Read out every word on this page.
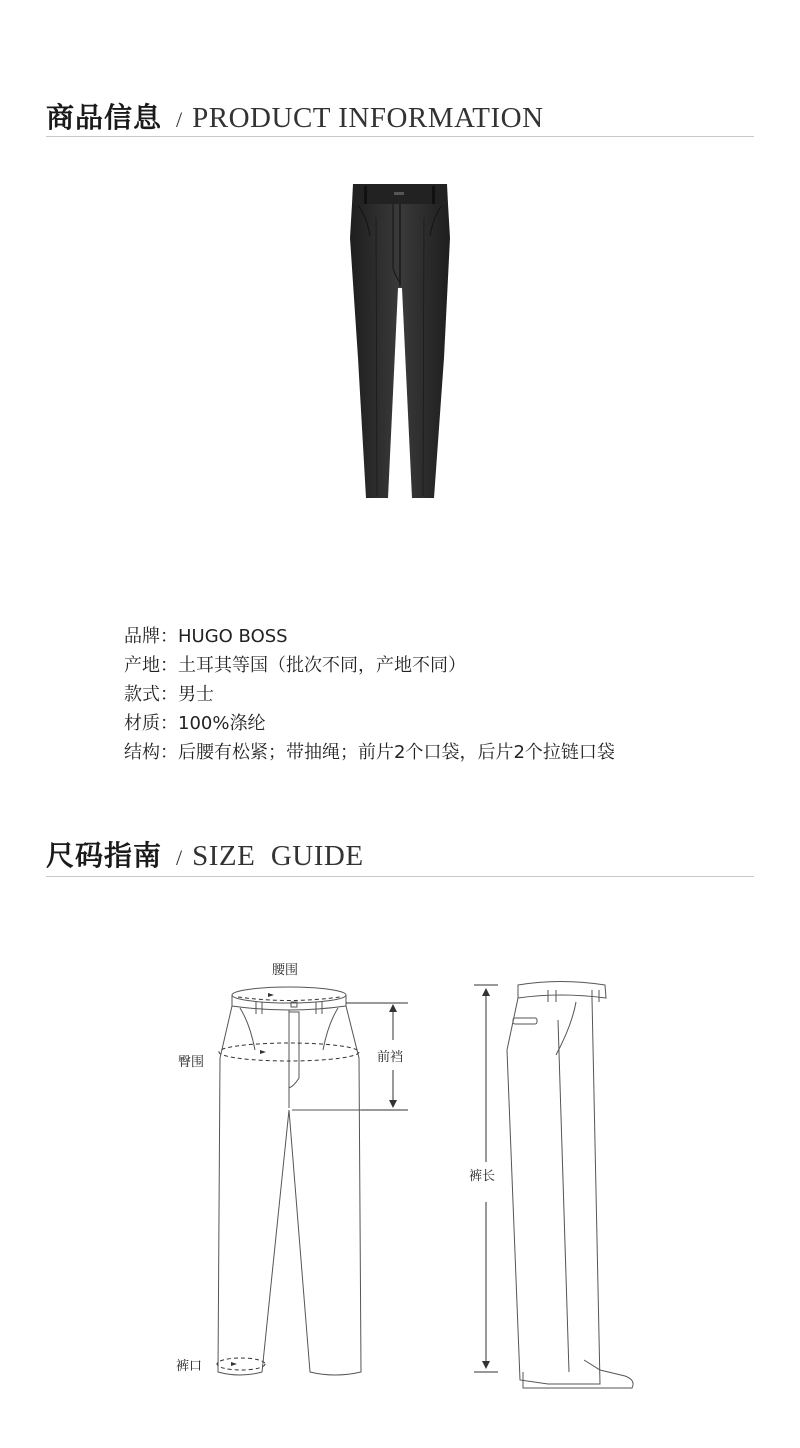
商品信息 / PRODUCT INFORMATION
品牌：HUGO BOSS
产地：土耳其等国（批次不同，产地不同）
款式：男士
材质：100%涤纶
结构：后腰有松紧；带抽绳；前片2个口袋，后片2个拉链口袋
尺码指南 / SIZE  GUIDE
腰围
臀围	前裆
裤口
裤长
